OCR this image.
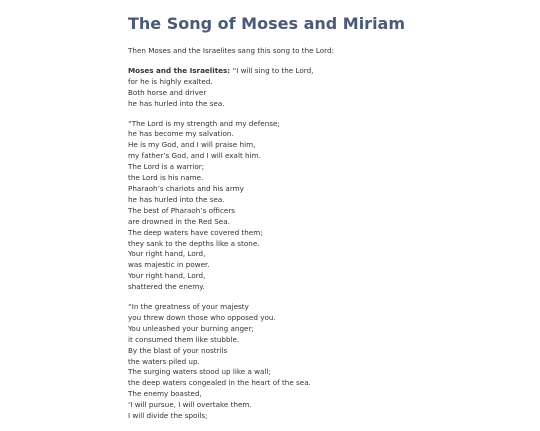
The Song of Moses and Miriam

Then Moses and the Israelites sang this song to the Lord:

Moses and the Israelites: “I will sing to the Lord,
for he is highly exalted.
Both horse and driver
he has hurled into the sea.
“The Lord is my strength and my defense;
he has become my salvation.
He is my God, and I will praise him,
my father’s God, and I will exalt him.
The Lord is a warrior;
the Lord is his name.
Pharaoh’s chariots and his army
he has hurled into the sea.
The best of Pharaoh’s officers
are drowned in the Red Sea.
The deep waters have covered them;
they sank to the depths like a stone.
Your right hand, Lord,
was majestic in power.
Your right hand, Lord,
shattered the enemy.
“In the greatness of your majesty
you threw down those who opposed you.
You unleashed your burning anger;
it consumed them like stubble.
By the blast of your nostrils
the waters piled up.
The surging waters stood up like a wall;
the deep waters congealed in the heart of the sea.
The enemy boasted,
‘I will pursue, I will overtake them.
I will divide the spoils;
